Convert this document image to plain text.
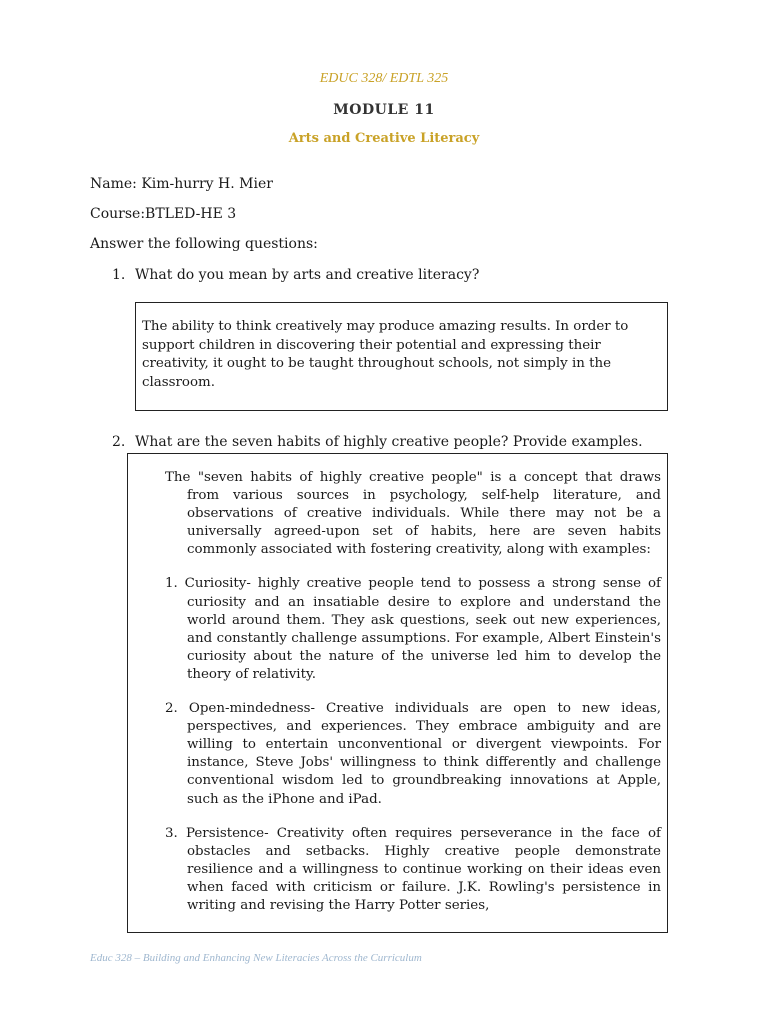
EDUC 328/ EDTL 325
MODULE 11
Arts and Creative Literacy
Name: Kim-hurry H. Mier
Course:BTLED-HE 3
Answer the following questions:
1. What do you mean by arts and creative literacy?

The ability to think creatively may produce amazing results. In order to support children in discovering their potential and expressing their creativity, it ought to be taught throughout schools, not simply in the classroom.

2. What are the seven habits of highly creative people? Provide examples.

The "seven habits of highly creative people" is a concept that draws from various sources in psychology, self-help literature, and observations of creative individuals. While there may not be a universally agreed-upon set of habits, here are seven habits commonly associated with fostering creativity, along with examples:

1. Curiosity- highly creative people tend to possess a strong sense of curiosity and an insatiable desire to explore and understand the world around them. They ask questions, seek out new experiences, and constantly challenge assumptions. For example, Albert Einstein's curiosity about the nature of the universe led him to develop the theory of relativity.

2. Open-mindedness- Creative individuals are open to new ideas, perspectives, and experiences. They embrace ambiguity and are willing to entertain unconventional or divergent viewpoints. For instance, Steve Jobs' willingness to think differently and challenge conventional wisdom led to groundbreaking innovations at Apple, such as the iPhone and iPad.

3. Persistence- Creativity often requires perseverance in the face of obstacles and setbacks. Highly creative people demonstrate resilience and a willingness to continue working on their ideas even when faced with criticism or failure. J.K. Rowling's persistence in writing and revising the Harry Potter series,

Educ 328 – Building and Enhancing New Literacies Across the Curriculum
